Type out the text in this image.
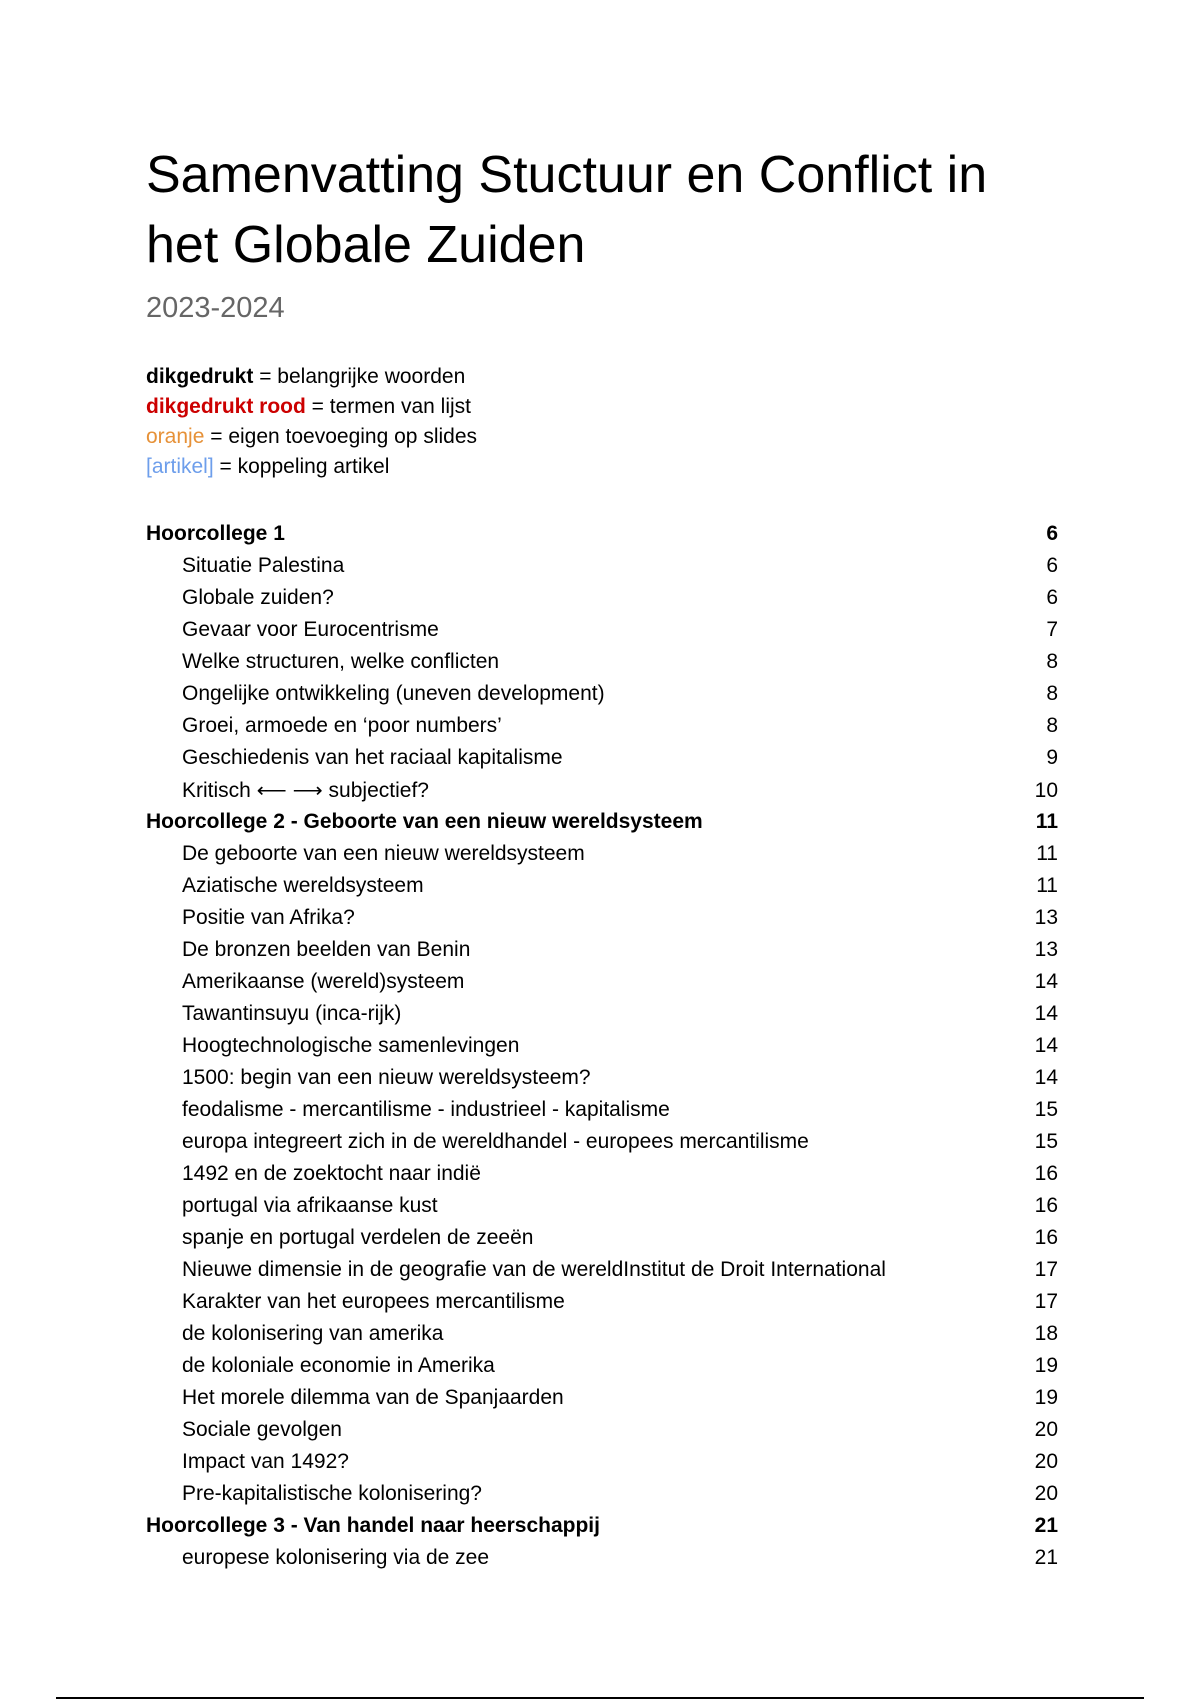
Samenvatting Stuctuur en Conflict in
het Globale Zuiden
2023-2024
dikgedrukt = belangrijke woorden
dikgedrukt rood = termen van lijst
oranje = eigen toevoeging op slides
[artikel] = koppeling artikel
Hoorcollege 1	6
Situatie Palestina	6
Globale zuiden?	6
Gevaar voor Eurocentrisme	7
Welke structuren, welke conflicten	8
Ongelijke ontwikkeling (uneven development)	8
Groei, armoede en ‘poor numbers’	8
Geschiedenis van het raciaal kapitalisme	9
Kritisch ⟵ ⟶ subjectief?	10
Hoorcollege 2 - Geboorte van een nieuw wereldsysteem	11
De geboorte van een nieuw wereldsysteem	11
Aziatische wereldsysteem	11
Positie van Afrika?	13
De bronzen beelden van Benin	13
Amerikaanse (wereld)systeem	14
Tawantinsuyu (inca-rijk)	14
Hoogtechnologische samenlevingen	14
1500: begin van een nieuw wereldsysteem?	14
feodalisme - mercantilisme - industrieel - kapitalisme	15
europa integreert zich in de wereldhandel - europees mercantilisme	15
1492 en de zoektocht naar indië	16
portugal via afrikaanse kust	16
spanje en portugal verdelen de zeeën	16
Nieuwe dimensie in de geografie van de wereldInstitut de Droit International	17
Karakter van het europees mercantilisme	17
de kolonisering van amerika	18
de koloniale economie in Amerika	19
Het morele dilemma van de Spanjaarden	19
Sociale gevolgen	20
Impact van 1492?	20
Pre-kapitalistische kolonisering?	20
Hoorcollege 3 - Van handel naar heerschappij	21
europese kolonisering via de zee	21
